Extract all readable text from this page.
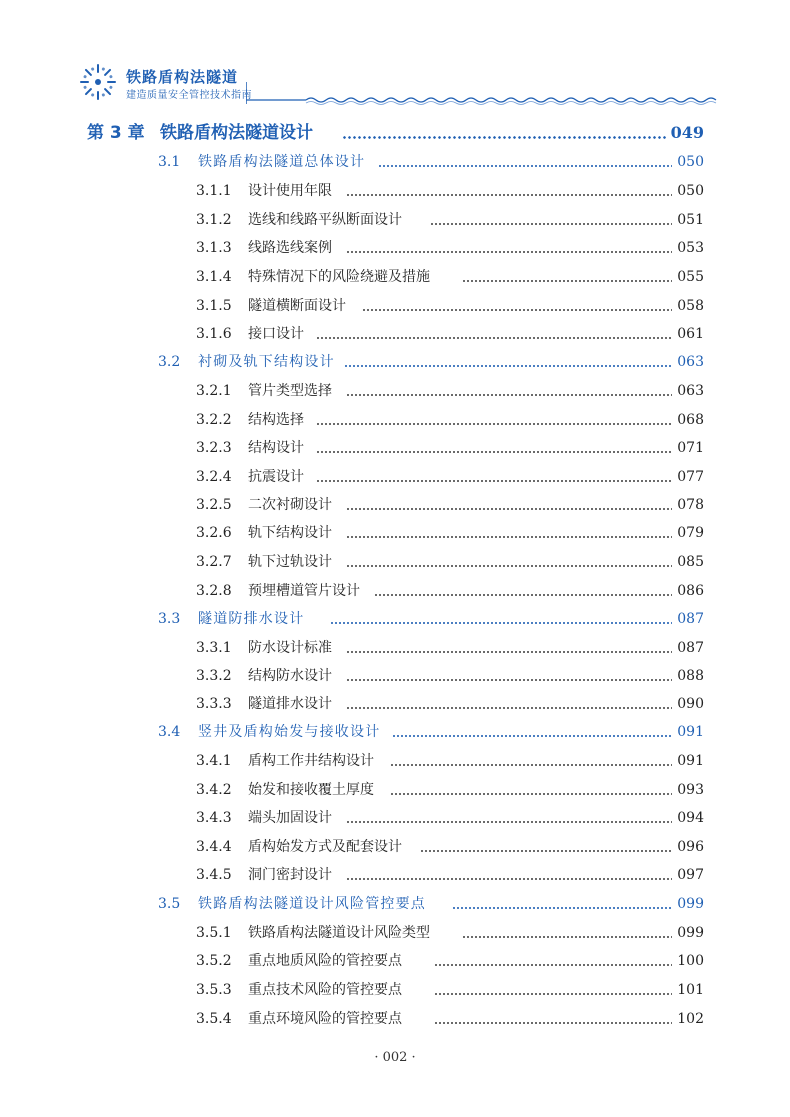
铁路盾构法隧道
建造质量安全管控技术指南
第 3 章 铁路盾构法隧道设计	049
3.1 铁路盾构法隧道总体设计	050
3.1.1 设计使用年限	050
3.1.2 选线和线路平纵断面设计	051
3.1.3 线路选线案例	053
3.1.4 特殊情况下的风险绕避及措施	055
3.1.5 隧道横断面设计	058
3.1.6 接口设计	061
3.2 衬砌及轨下结构设计	063
3.2.1 管片类型选择	063
3.2.2 结构选择	068
3.2.3 结构设计	071
3.2.4 抗震设计	077
3.2.5 二次衬砌设计	078
3.2.6 轨下结构设计	079
3.2.7 轨下过轨设计	085
3.2.8 预埋槽道管片设计	086
3.3 隧道防排水设计	087
3.3.1 防水设计标准	087
3.3.2 结构防水设计	088
3.3.3 隧道排水设计	090
3.4 竖井及盾构始发与接收设计	091
3.4.1 盾构工作井结构设计	091
3.4.2 始发和接收覆土厚度	093
3.4.3 端头加固设计	094
3.4.4 盾构始发方式及配套设计	096
3.4.5 洞门密封设计	097
3.5 铁路盾构法隧道设计风险管控要点	099
3.5.1 铁路盾构法隧道设计风险类型	099
3.5.2 重点地质风险的管控要点	100
3.5.3 重点技术风险的管控要点	101
3.5.4 重点环境风险的管控要点	102
· 002 ·
